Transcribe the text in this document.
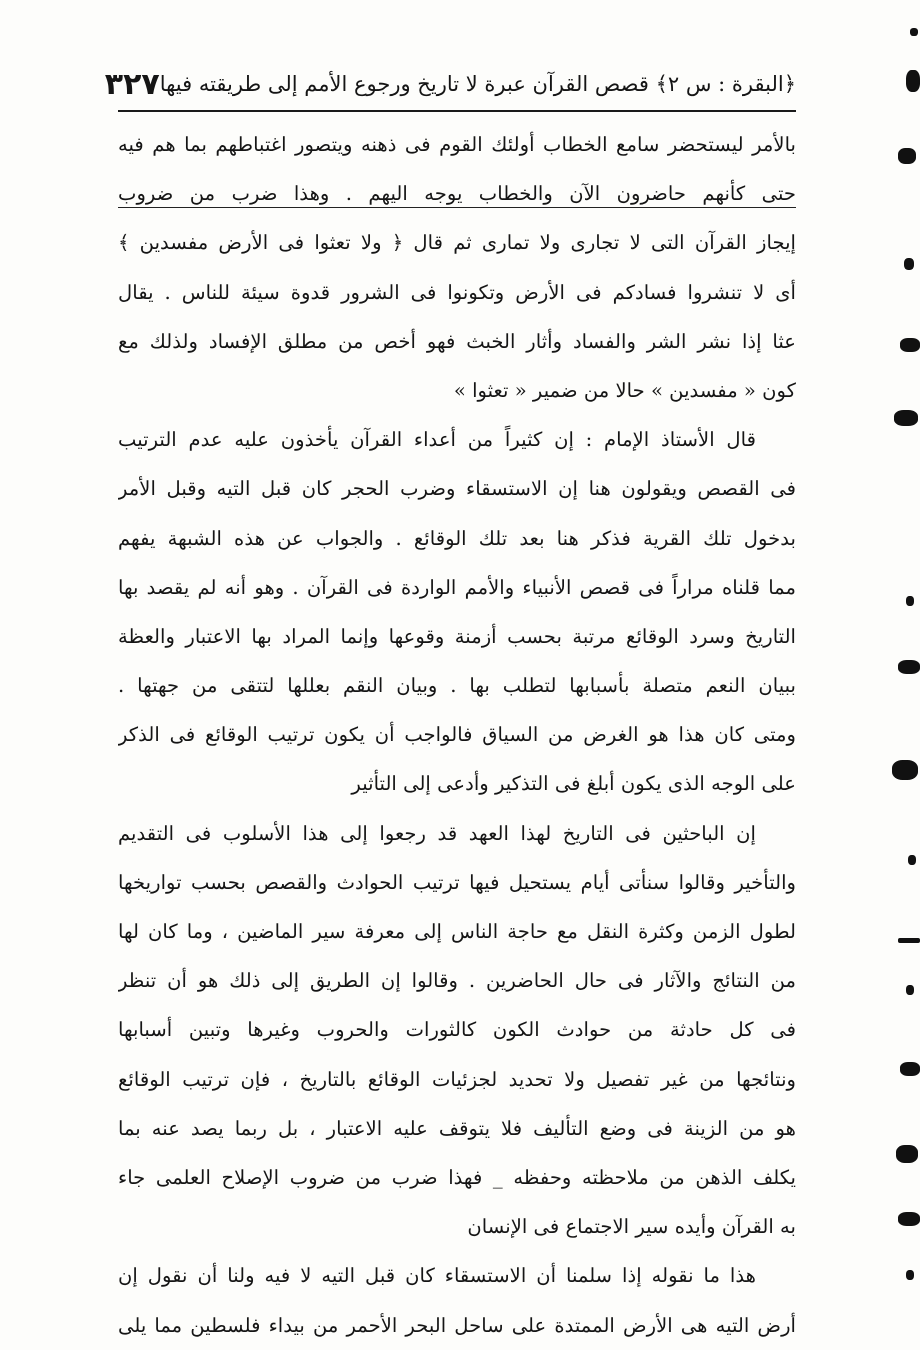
﴿البقرة : س ٢﴾ قصص القرآن عبرة لا تاريخ ورجوع الأمم إلى طريقته فيها
٣٢٧
بالأمر ليستحضر سامع الخطاب أولئك القوم فى ذهنه ويتصور اغتباطهم بما هم فيه
حتى كأنهم حاضرون الآن والخطاب يوجه اليهم . وهذا ضرب من ضروب
إيجاز القرآن التى لا تجارى ولا تمارى ثم قال ﴿ ولا تعثوا فى الأرض مفسدين ﴾
أى لا تنشروا فسادكم فى الأرض وتكونوا فى الشرور قدوة سيئة للناس . يقال
عثا إذا نشر الشر والفساد وأثار الخبث فهو أخص من مطلق الإفساد ولذلك مع
كون « مفسدين » حالا من ضمير « تعثوا »
قال الأستاذ الإمام : إن كثيراً من أعداء القرآن يأخذون عليه عدم الترتيب
فى القصص ويقولون هنا إن الاستسقاء وضرب الحجر كان قبل التيه وقبل الأمر
بدخول تلك القرية فذكر هنا بعد تلك الوقائع . والجواب عن هذه الشبهة يفهم
مما قلناه مراراً فى قصص الأنبياء والأمم الواردة فى القرآن . وهو أنه لم يقصد بها
التاريخ وسرد الوقائع مرتبة بحسب أزمنة وقوعها وإنما المراد بها الاعتبار والعظة
ببيان النعم متصلة بأسبابها لتطلب بها . وبيان النقم بعللها لتتقى من جهتها .
ومتى كان هذا هو الغرض من السياق فالواجب أن يكون ترتيب الوقائع فى الذكر
على الوجه الذى يكون أبلغ فى التذكير وأدعى إلى التأثير
إن الباحثين فى التاريخ لهذا العهد قد رجعوا إلى هذا الأسلوب فى التقديم
والتأخير وقالوا سنأتى أيام يستحيل فيها ترتيب الحوادث والقصص بحسب تواريخها
لطول الزمن وكثرة النقل مع حاجة الناس إلى معرفة سير الماضين ، وما كان لها
من النتائج والآثار فى حال الحاضرين . وقالوا إن الطريق إلى ذلك هو أن تنظر
فى كل حادثة من حوادث الكون كالثورات والحروب وغيرها وتبين أسبابها
ونتائجها من غير تفصيل ولا تحديد لجزئيات الوقائع بالتاريخ ، فإن ترتيب الوقائع
هو من الزينة فى وضع التأليف فلا يتوقف عليه الاعتبار ، بل ربما يصد عنه بما
يكلف الذهن من ملاحظته وحفظه _ فهذا ضرب من ضروب الإصلاح العلمى جاء
به القرآن وأيده سير الاجتماع فى الإنسان
هذا ما نقوله إذا سلمنا أن الاستسقاء كان قبل التيه لا فيه ولنا أن نقول إن
أرض التيه هى الأرض الممتدة على ساحل البحر الأحمر من بيداء فلسطين مما يلى
